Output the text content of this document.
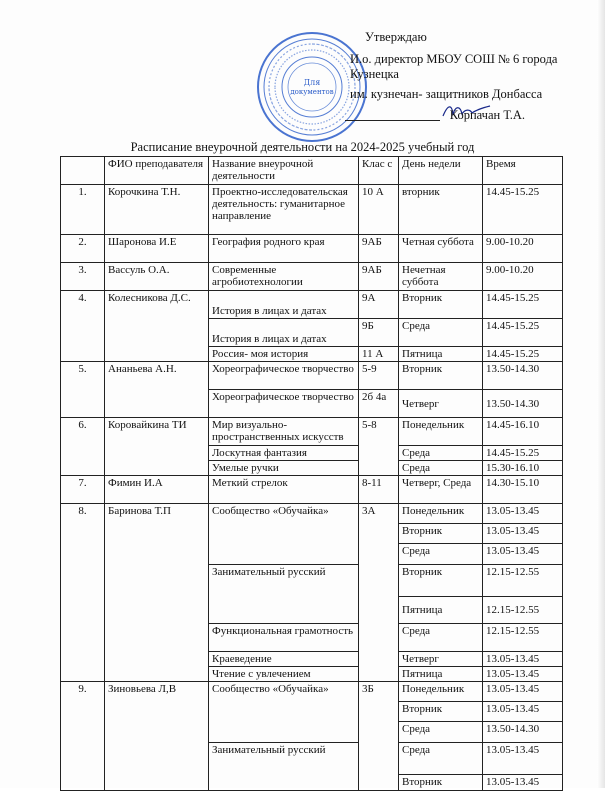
Для
документов
Утверждаю
И.о. директор МБОУ СОШ № 6 города
Кузнецка
им. кузнечан- защитников Донбасса
Корпачан Т.А.
Расписание внеурочной деятельности на 2024-2025 учебный год
	ФИО преподавателя	Название внеурочной деятельности	Клас с	День недели	Время
1.	Корочкина Т.Н.	Проектно-исследовательская деятельность: гуманитарное направление	10 А	вторник	14.45-15.25
2.	Шаронова И.Е	География родного края	9АБ	Четная суббота	9.00-10.20
3.	Вассуль О.А.	Современные агробиотехнологии	9АБ	Нечетная суббота	9.00-10.20
4.	Колесникова Д.С.	История в лицах и датах	9А	Вторник	14.45-15.25
		История в лицах и датах	9Б	Среда	14.45-15.25
		Россия- моя история	11 А	Пятница	14.45-15.25
5.	Ананьева А.Н.	Хореографическое творчество	5-9	Вторник	13.50-14.30
		Хореографическое творчество	2б 4а	Четверг	13.50-14.30
6.	Коровайкина ТИ	Мир визуально-пространственных искусств	5-8	Понедельник	14.45-16.10
		Лоскутная фантазия		Среда	14.45-15.25
		Умелые ручки		Среда	15.30-16.10
7.	Фимин И.А	Меткий стрелок	8-11	Четверг, Среда	14.30-15.10
8.	Баринова Т.П	Сообщество «Обучайка»	3А	Понедельник	13.05-13.45
				Вторник	13.05-13.45
				Среда	13.05-13.45
		Занимательный русский		Вторник	12.15-12.55
				Пятница	12.15-12.55
		Функциональная грамотность		Среда	12.15-12.55
		Краеведение		Четверг	13.05-13.45
		Чтение с увлечением		Пятница	13.05-13.45
9.	Зиновьева Л,В	Сообщество «Обучайка»	3Б	Понедельник	13.05-13.45
				Вторник	13.05-13.45
				Среда	13.50-14.30
		Занимательный русский		Среда	13.05-13.45
				Вторник	13.05-13.45
